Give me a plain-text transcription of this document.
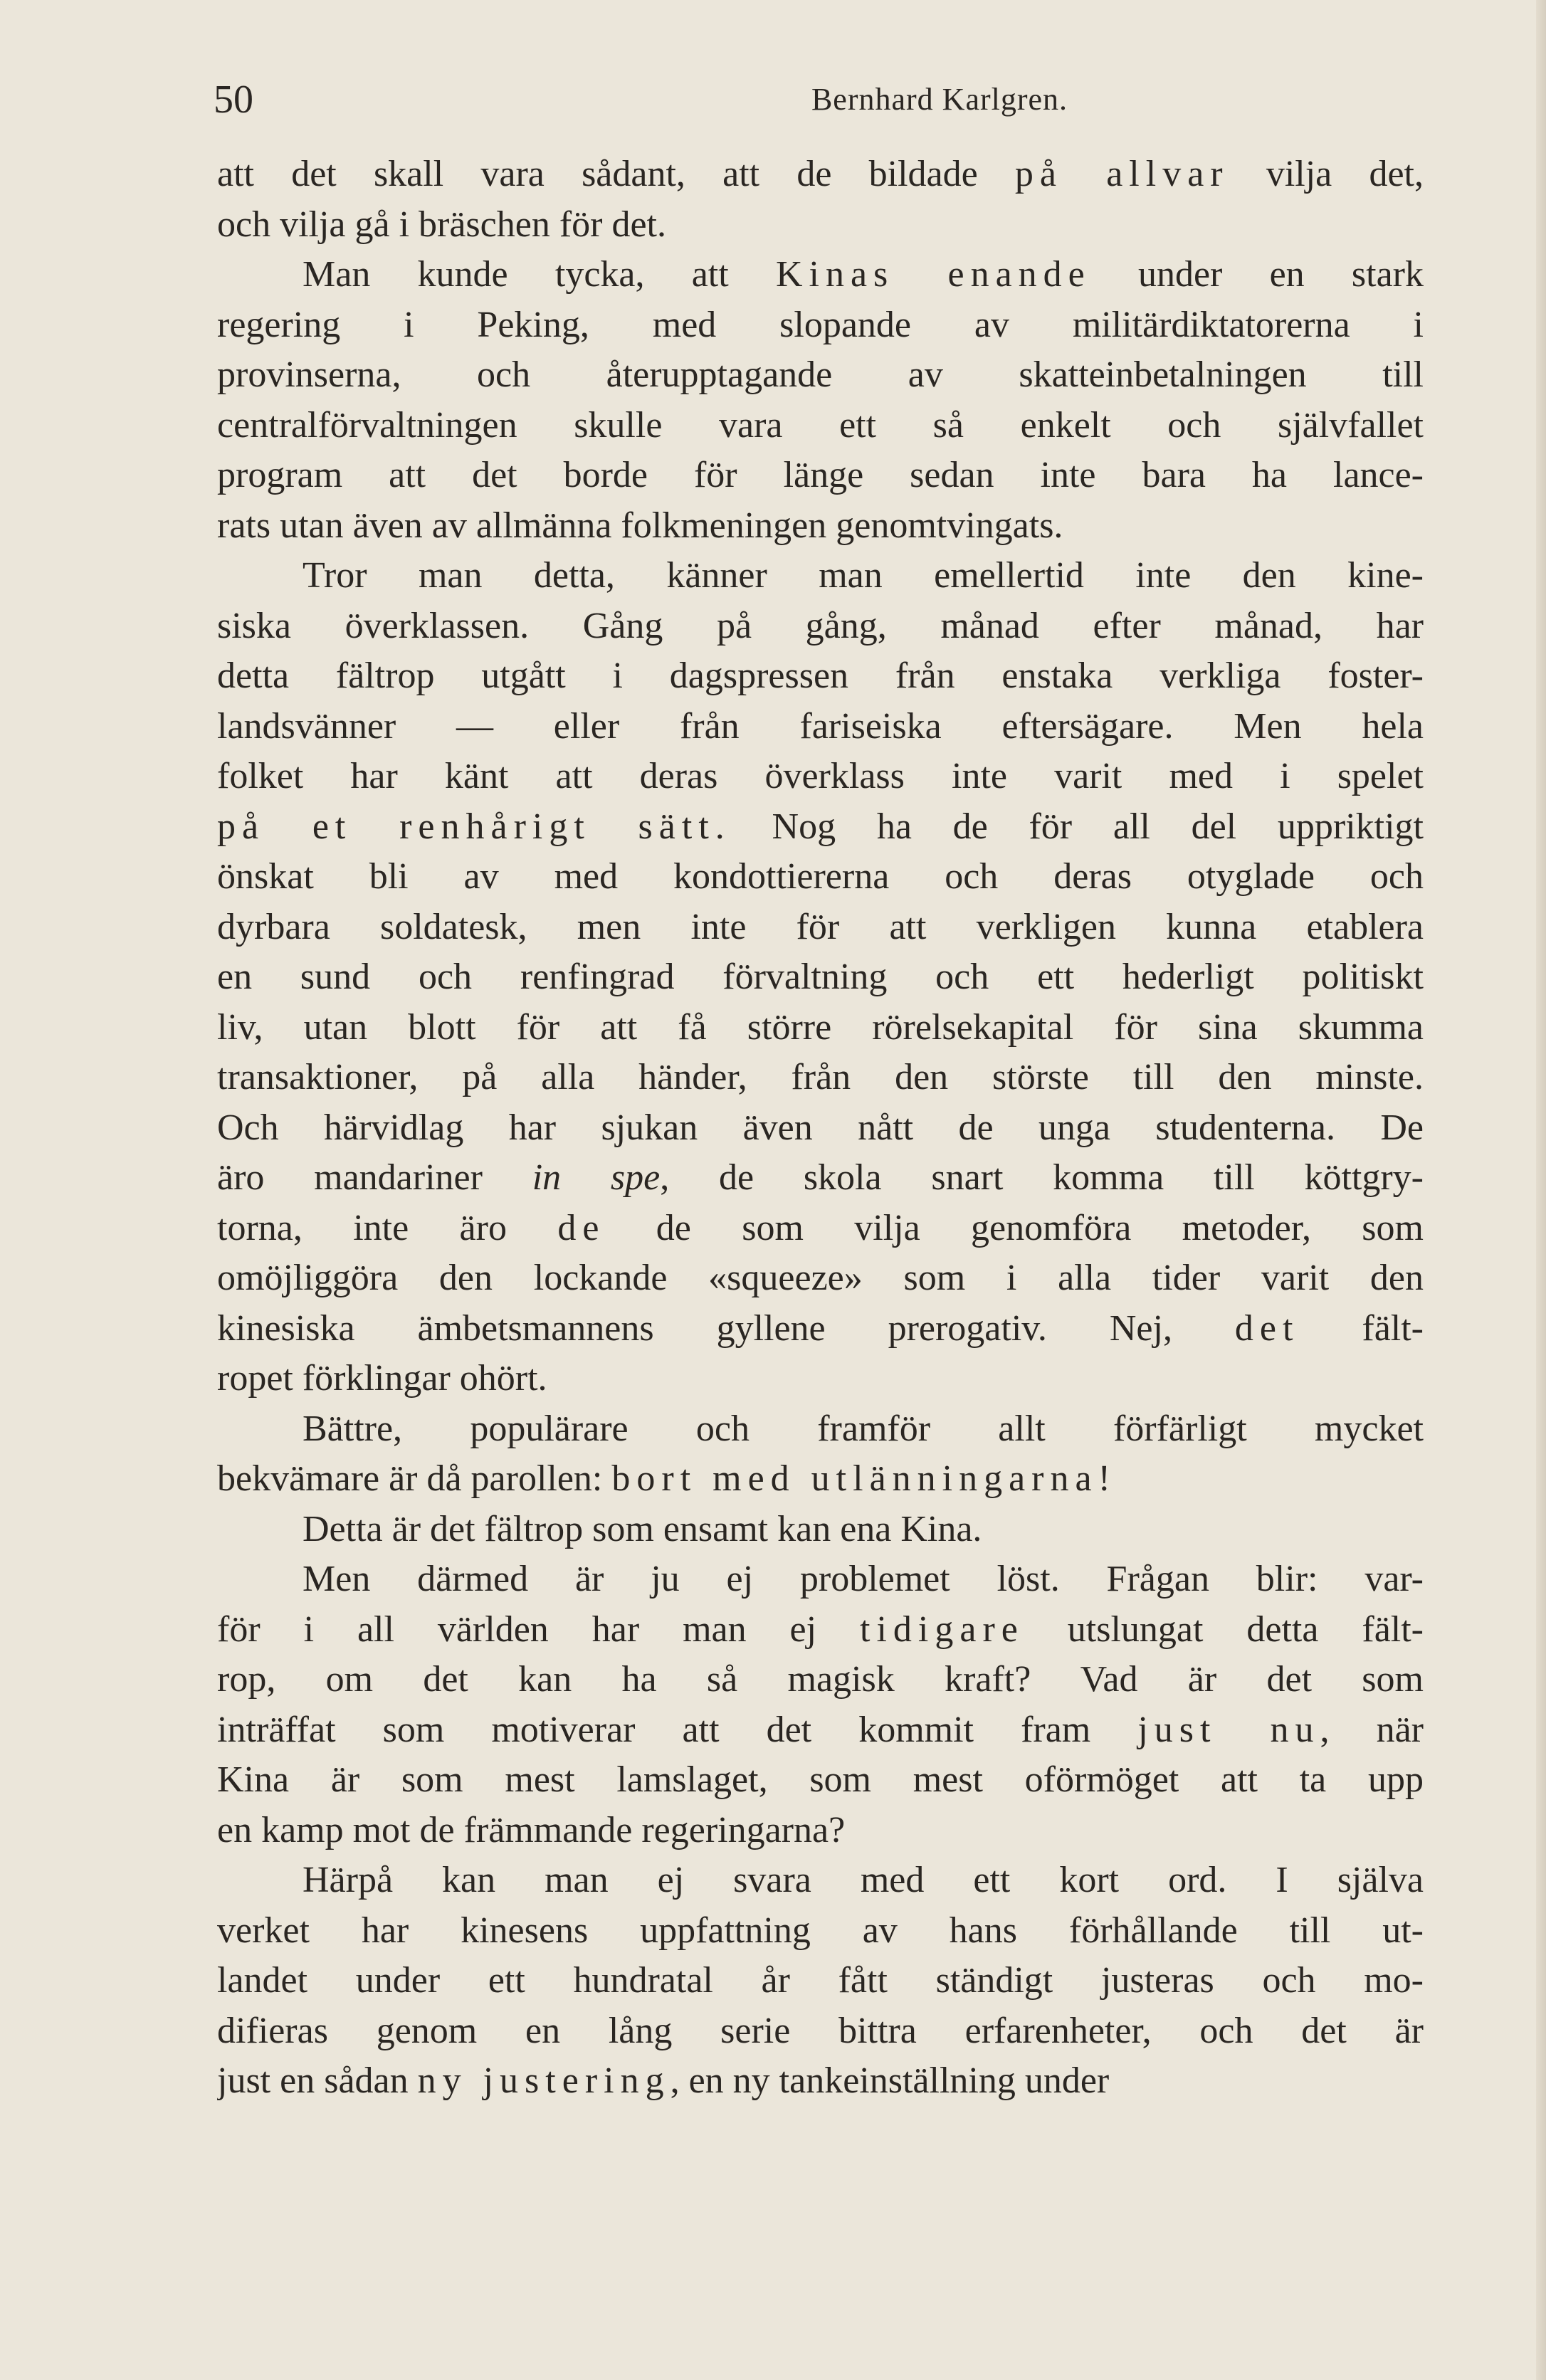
50	Bernhard Karlgren.
att det skall vara sådant, att de bildade på allvar vilja det,
och vilja gå i bräschen för det.
Man kunde tycka, att Kinas enande under en stark
regering i Peking, med slopande av militärdiktatorerna i
provinserna, och återupptagande av skatteinbetalningen till
centralförvaltningen skulle vara ett så enkelt och självfallet
program att det borde för länge sedan inte bara ha lance-
rats utan även av allmänna folkmeningen genomtvingats.
Tror man detta, känner man emellertid inte den kine-
siska överklassen. Gång på gång, månad efter månad, har
detta fältrop utgått i dagspressen från enstaka verkliga foster-
landsvänner — eller från fariseiska eftersägare. Men hela
folket har känt att deras överklass inte varit med i spelet
på et renhårigt sätt. Nog ha de för all del uppriktigt
önskat bli av med kondottiererna och deras otyglade och
dyrbara soldatesk, men inte för att verkligen kunna etablera
en sund och renfingrad förvaltning och ett hederligt politiskt
liv, utan blott för att få större rörelsekapital för sina skumma
transaktioner, på alla händer, från den störste till den minste.
Och härvidlag har sjukan även nått de unga studenterna. De
äro mandariner in spe, de skola snart komma till köttgry-
torna, inte äro de de som vilja genomföra metoder, som
omöjliggöra den lockande «squeeze» som i alla tider varit den
kinesiska ämbetsmannens gyllene prerogativ. Nej, det fält-
ropet förklingar ohört.
Bättre, populärare och framför allt förfärligt mycket
bekvämare är då parollen: bort med utlänningarna!
Detta är det fältrop som ensamt kan ena Kina.
Men därmed är ju ej problemet löst. Frågan blir: var-
för i all världen har man ej tidigare utslungat detta fält-
rop, om det kan ha så magisk kraft? Vad är det som
inträffat som motiverar att det kommit fram just nu, när
Kina är som mest lamslaget, som mest oförmöget att ta upp
en kamp mot de främmande regeringarna?
Härpå kan man ej svara med ett kort ord. I själva
verket har kinesens uppfattning av hans förhållande till ut-
landet under ett hundratal år fått ständigt justeras och mo-
difieras genom en lång serie bittra erfarenheter, och det är
just en sådan ny justering, en ny tankeinställning under
